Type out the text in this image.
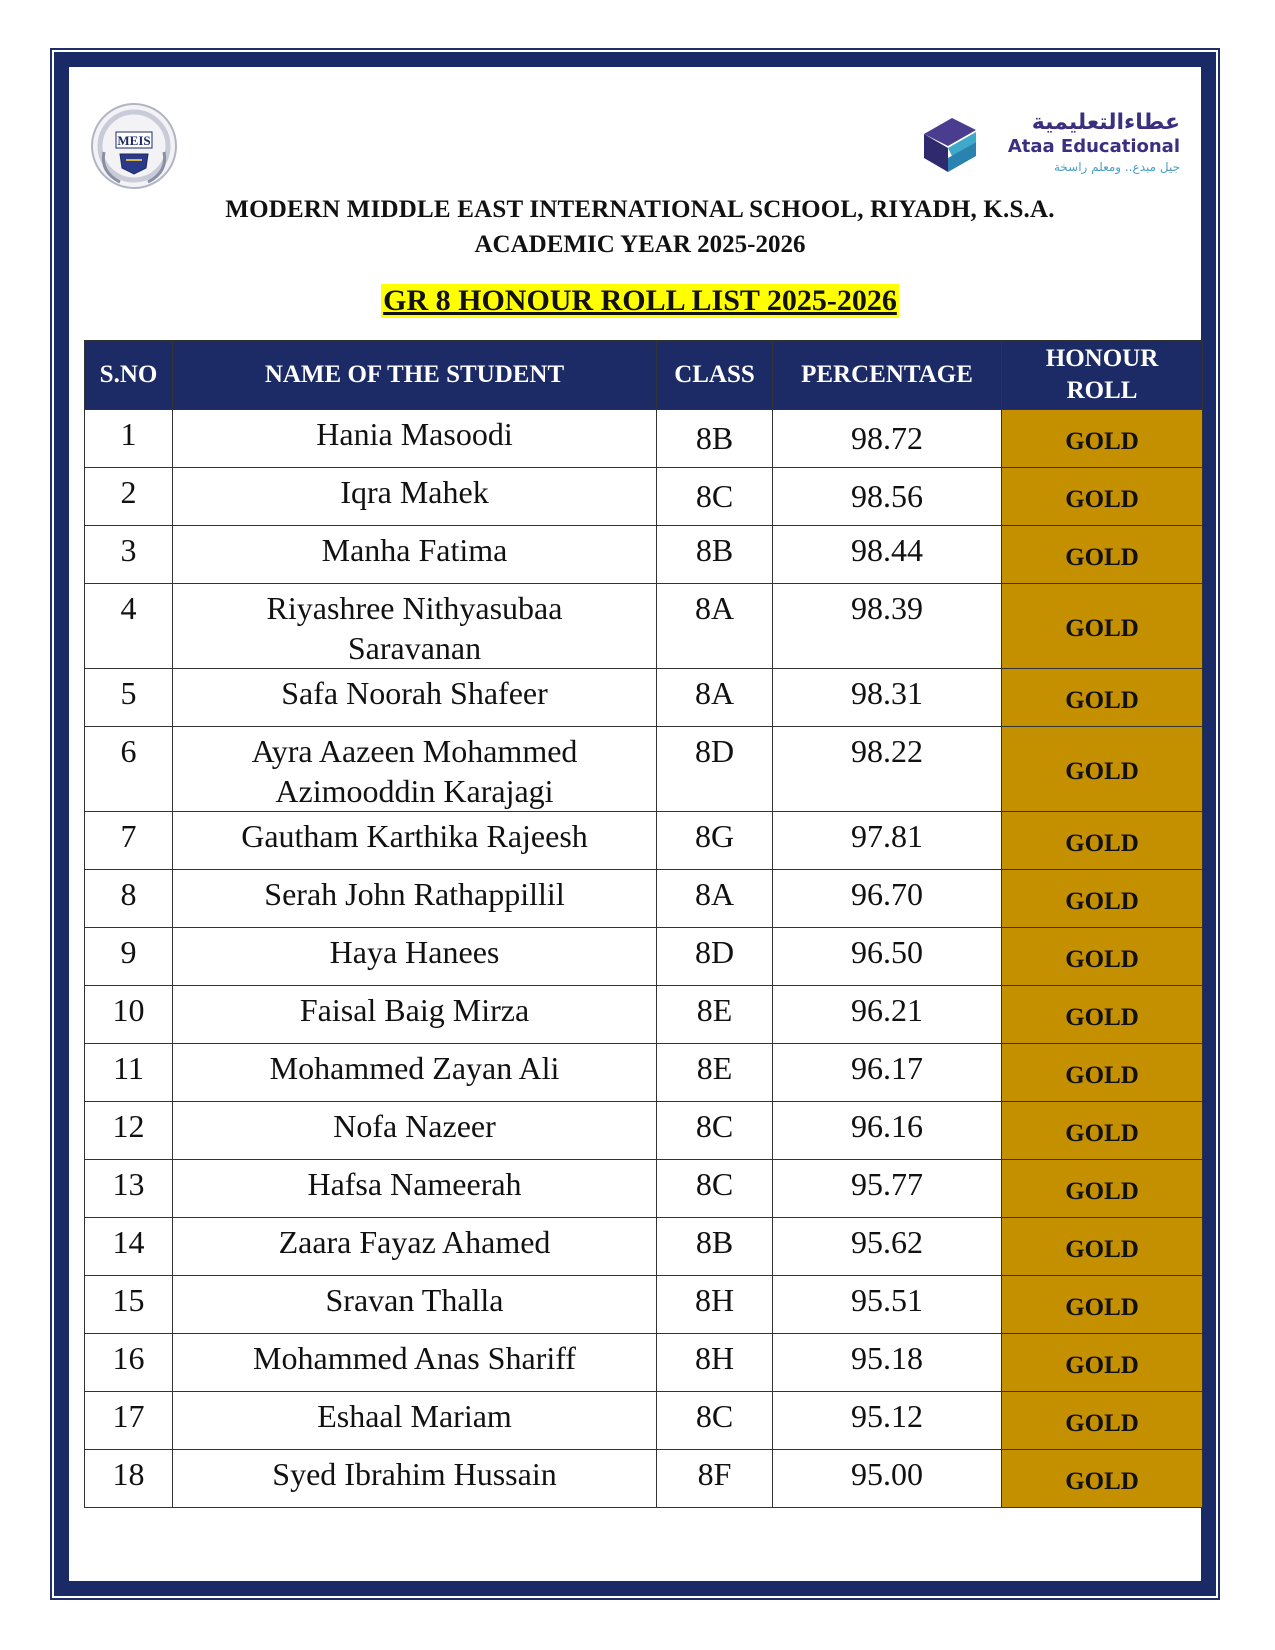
MEIS
عطاءالتعليمية
Ataa Educational
جيل مبدع.. ومعلم راسخة
MODERN MIDDLE EAST INTERNATIONAL SCHOOL, RIYADH, K.S.A.
ACADEMIC YEAR 2025-2026
GR 8 HONOUR ROLL LIST 2025-2026
S.NO	NAME OF THE STUDENT	CLASS	PERCENTAGE	HONOUR ROLL
1	Hania Masoodi	8B	98.72	GOLD
2	Iqra Mahek	8C	98.56	GOLD
3	Manha Fatima	8B	98.44	GOLD
4	Riyashree Nithyasubaa Saravanan	8A	98.39	GOLD
5	Safa Noorah Shafeer	8A	98.31	GOLD
6	Ayra Aazeen Mohammed Azimooddin Karajagi	8D	98.22	GOLD
7	Gautham Karthika Rajeesh	8G	97.81	GOLD
8	Serah John Rathappillil	8A	96.70	GOLD
9	Haya Hanees	8D	96.50	GOLD
10	Faisal Baig Mirza	8E	96.21	GOLD
11	Mohammed Zayan Ali	8E	96.17	GOLD
12	Nofa Nazeer	8C	96.16	GOLD
13	Hafsa Nameerah	8C	95.77	GOLD
14	Zaara Fayaz Ahamed	8B	95.62	GOLD
15	Sravan Thalla	8H	95.51	GOLD
16	Mohammed Anas Shariff	8H	95.18	GOLD
17	Eshaal Mariam	8C	95.12	GOLD
18	Syed Ibrahim Hussain	8F	95.00	GOLD
